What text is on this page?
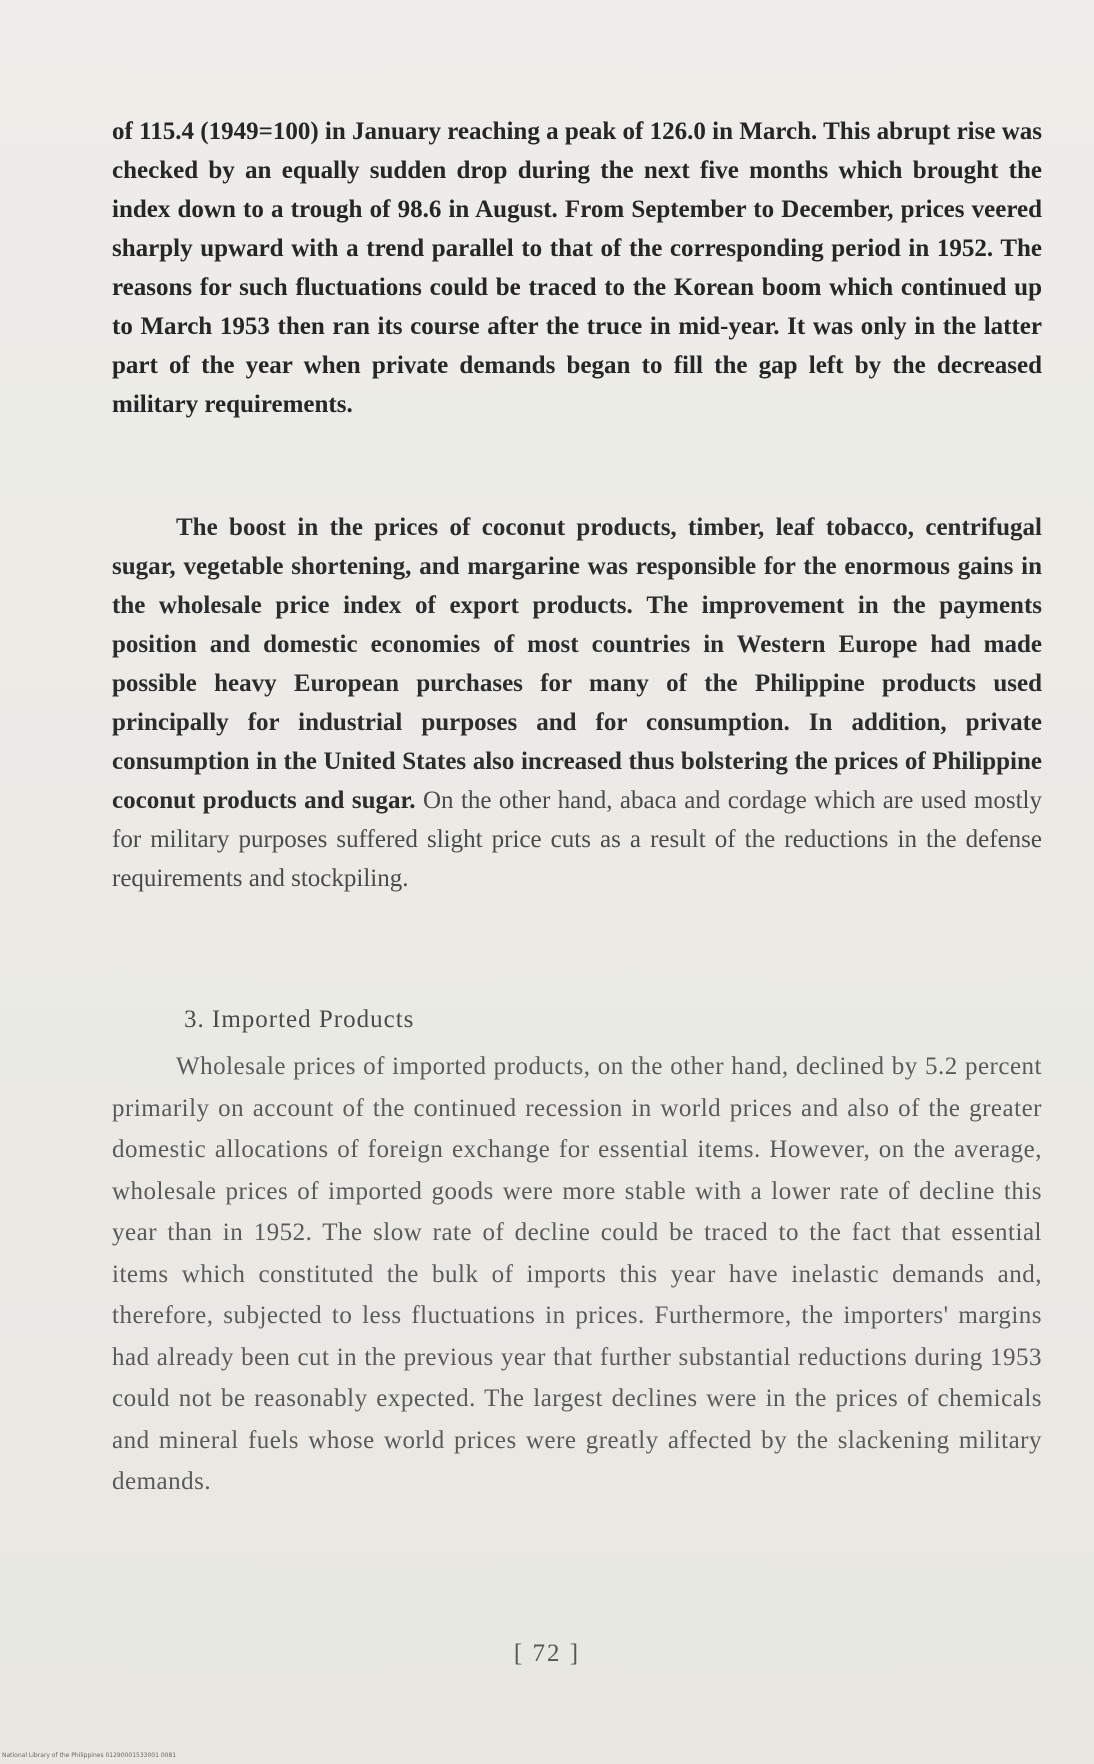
of 115.4 (1949=100) in January reaching a peak of 126.0 in March. This abrupt rise was checked by an equally sudden drop during the next five months which brought the index down to a trough of 98.6 in August. From September to December, prices veered sharply upward with a trend parallel to that of the corresponding period in 1952. The reasons for such fluctuations could be traced to the Korean boom which continued up to March 1953 then ran its course after the truce in mid-year. It was only in the latter part of the year when private demands began to fill the gap left by the decreased military requirements.
The boost in the prices of coconut products, timber, leaf tobacco, centrifugal sugar, vegetable shortening, and margarine was responsible for the enormous gains in the wholesale price index of export products. The improvement in the payments position and domestic economies of most countries in Western Europe had made possible heavy European purchases for many of the Philippine products used principally for industrial purposes and for consumption. In addition, private consumption in the United States also increased thus bolstering the prices of Philippine coconut products and sugar. On the other hand, abaca and cordage which are used mostly for military purposes suffered slight price cuts as a result of the reductions in the defense requirements and stockpiling.
3. Imported Products
Wholesale prices of imported products, on the other hand, declined by 5.2 percent primarily on account of the continued recession in world prices and also of the greater domestic allocations of foreign exchange for essential items. However, on the average, wholesale prices of imported goods were more stable with a lower rate of decline this year than in 1952. The slow rate of decline could be traced to the fact that essential items which constituted the bulk of imports this year have inelastic demands and, therefore, subjected to less fluctuations in prices. Furthermore, the importers' margins had already been cut in the previous year that further substantial reductions during 1953 could not be reasonably expected. The largest declines were in the prices of chemicals and mineral fuels whose world prices were greatly affected by the slackening military demands.
[ 72 ]
National Library of the Philippines 01290001533001 0081
